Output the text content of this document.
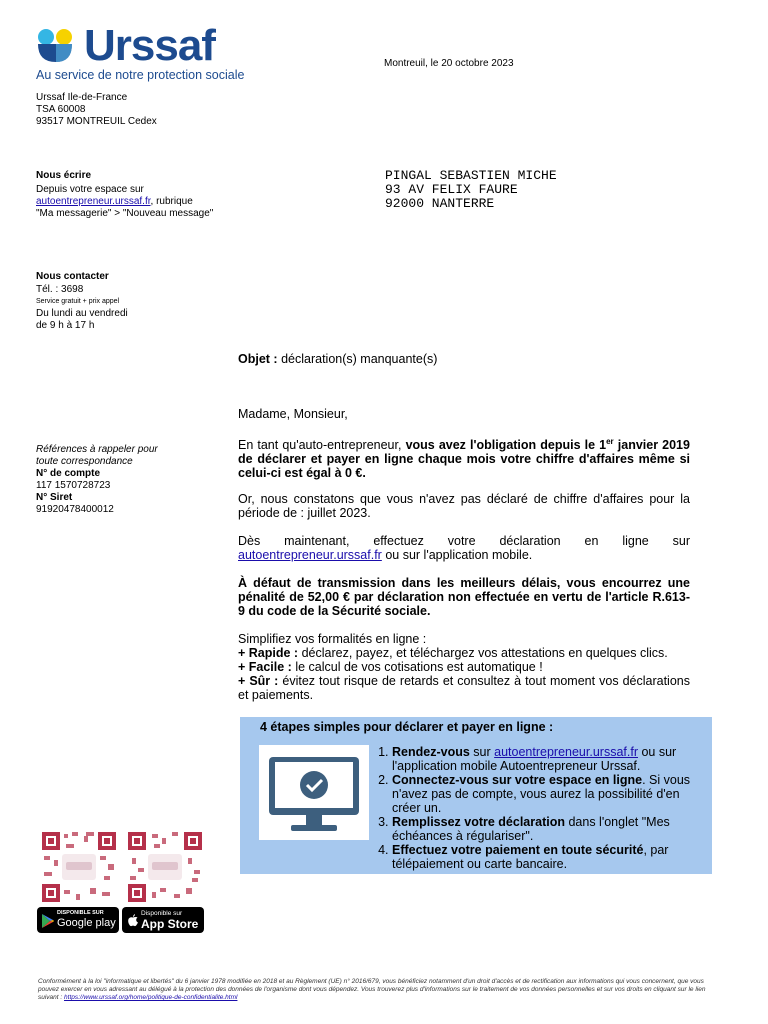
Urssaf
Au service de notre protection sociale
Montreuil, le 20 octobre 2023
Urssaf Ile-de-France
TSA 60008
93517 MONTREUIL Cedex
Nous écrire
Depuis votre espace sur
autoentrepreneur.urssaf.fr, rubrique
"Ma messagerie" > "Nouveau message"
Nous contacter
Tél. : 3698
Service gratuit + prix appel
Du lundi au vendredi
de 9 h à 17 h
PINGAL SEBASTIEN MICHE
93 AV FELIX FAURE
92000 NANTERRE
Objet : déclaration(s) manquante(s)
Madame, Monsieur,
Références à rappeler pour
toute correspondance
N° de compte
117 1570728723
N° Siret
91920478400012
En tant qu'auto-entrepreneur, vous avez l'obligation depuis le 1er janvier 2019 de déclarer et payer en ligne chaque mois votre chiffre d'affaires même si celui-ci est égal à 0 €.
Or, nous constatons que vous n'avez pas déclaré de chiffre d'affaires pour la période de : juillet 2023.
Dès maintenant, effectuez votre déclaration en ligne sur autoentrepreneur.urssaf.fr ou sur l'application mobile.
À défaut de transmission dans les meilleurs délais, vous encourrez une pénalité de 52,00 € par déclaration non effectuée en vertu de l'article R.613-9 du code de la Sécurité sociale.
Simplifiez vos formalités en ligne :
+ Rapide : déclarez, payez, et téléchargez vos attestations en quelques clics.
+ Facile : le calcul de vos cotisations est automatique !
+ Sûr : évitez tout risque de retards et consultez à tout moment vos déclarations et paiements.
4 étapes simples pour déclarer et payer en ligne :
1. Rendez-vous sur autoentrepreneur.urssaf.fr ou sur l'application mobile Autoentrepreneur Urssaf.
2. Connectez-vous sur votre espace en ligne. Si vous n'avez pas de compte, vous aurez la possibilité d'en créer un.
3. Remplissez votre déclaration dans l'onglet "Mes échéances à régulariser".
4. Effectuez votre paiement en toute sécurité, par télépaiement ou carte bancaire.
DISPONIBLE SUR
Google play
Disponible sur
App Store
Conformément à la loi "informatique et libertés" du 6 janvier 1978 modifiée en 2018 et au Règlement (UE) n° 2016/679, vous bénéficiez notamment d'un droit d'accès et de rectification aux informations qui vous concernent, que vous pouvez exercer en vous adressant au délégué à la protection des données de l'organisme dont vous dépendez. Vous trouverez plus d'informations sur le traitement de vos données personnelles et sur vos droits en cliquant sur le lien suivant : https://www.urssaf.org/home/politique-de-confidentialite.html
